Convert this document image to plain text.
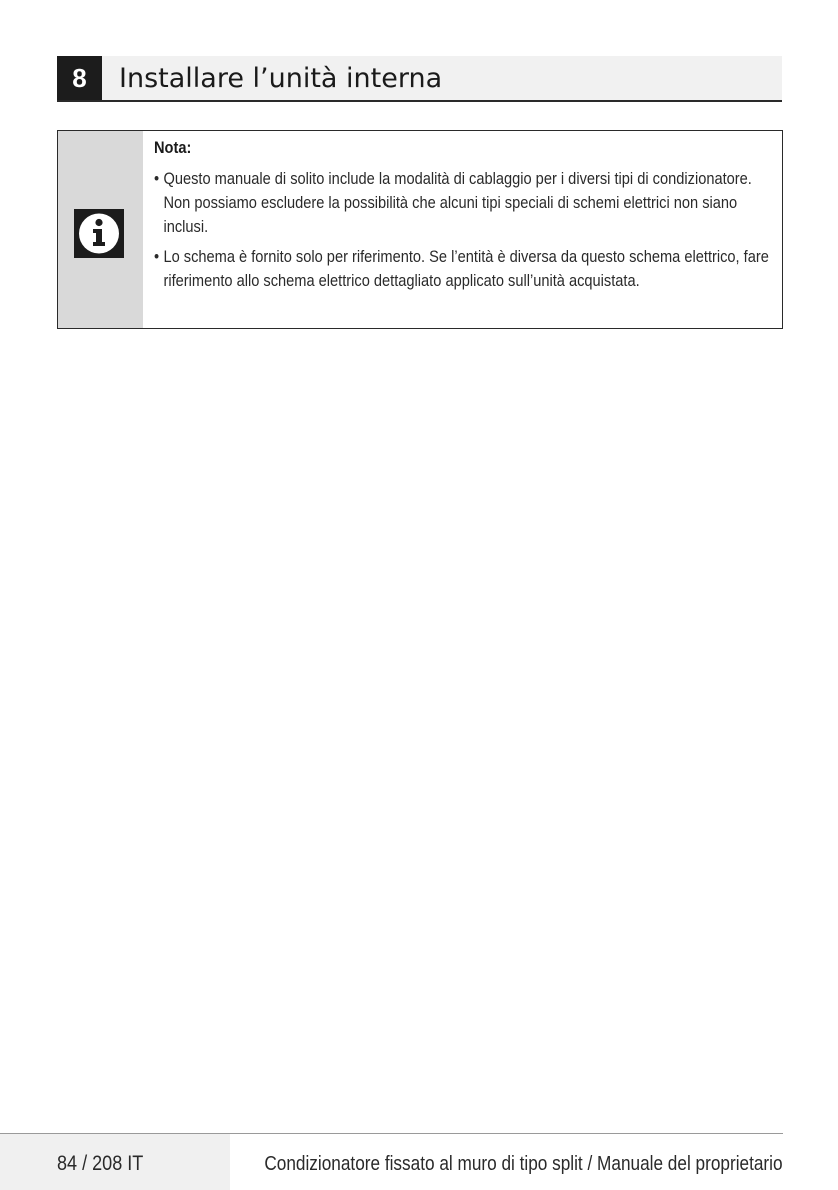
8	Installare l’unità interna
Nota:
• Questo manuale di solito include la modalità di cablaggio per i diversi tipi di condizionatore. Non possiamo escludere la possibilità che alcuni tipi speciali di schemi elettrici non siano inclusi.
• Lo schema è fornito solo per riferimento. Se l’entità è diversa da questo schema elettrico, fare riferimento allo schema elettrico dettagliato applicato sull’unità acquistata.
84 / 208 IT	Condizionatore fissato al muro di tipo split / Manuale del proprietario
